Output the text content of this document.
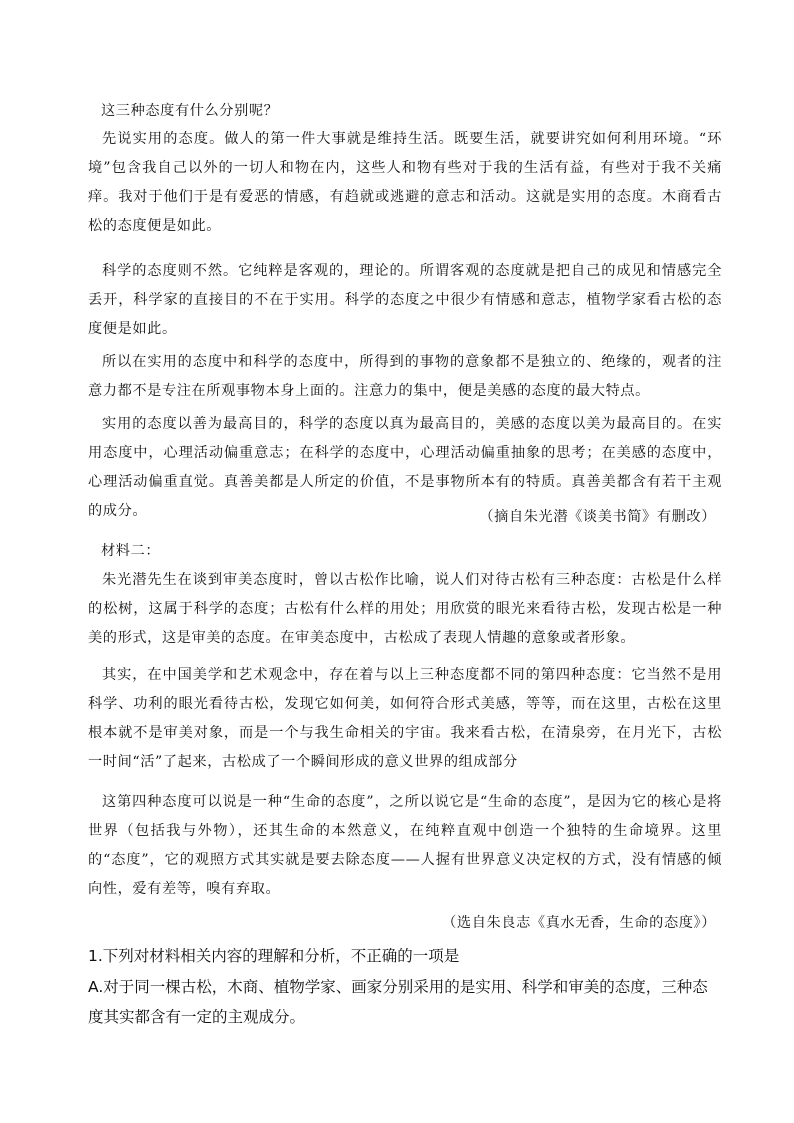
这三种态度有什么分别呢？

先说实用的态度。做人的第一件大事就是维持生活。既要生活，就要讲究如何利用环境。“环境”包含我自己以外的一切人和物在内，这些人和物有些对于我的生活有益，有些对于我不关痛痒。我对于他们于是有爱恶的情感，有趋就或逃避的意志和活动。这就是实用的态度。木商看古松的态度便是如此。

科学的态度则不然。它纯粹是客观的，理论的。所谓客观的态度就是把自己的成见和情感完全丢开，科学家的直接目的不在于实用。科学的态度之中很少有情感和意志，植物学家看古松的态度便是如此。

所以在实用的态度中和科学的态度中，所得到的事物的意象都不是独立的、绝缘的，观者的注意力都不是专注在所观事物本身上面的。注意力的集中，便是美感的态度的最大特点。

实用的态度以善为最高目的，科学的态度以真为最高目的，美感的态度以美为最高目的。在实用态度中，心理活动偏重意志；在科学的态度中，心理活动偏重抽象的思考；在美感的态度中，心理活动偏重直觉。真善美都是人所定的价值，不是事物所本有的特质。真善美都含有若干主观的成分。	（摘自朱光潜《谈美书简》有删改）

材料二：

朱光潜先生在谈到审美态度时，曾以古松作比喻，说人们对待古松有三种态度：古松是什么样的松树，这属于科学的态度；古松有什么样的用处；用欣赏的眼光来看待古松，发现古松是一种美的形式，这是审美的态度。在审美态度中，古松成了表现人情趣的意象或者形象。

其实，在中国美学和艺术观念中，存在着与以上三种态度都不同的第四种态度：它当然不是用科学、功利的眼光看待古松，发现它如何美，如何符合形式美感，等等，而在这里，古松在这里根本就不是审美对象，而是一个与我生命相关的宇宙。我来看古松，在清泉旁，在月光下，古松一时间“活”了起来，古松成了一个瞬间形成的意义世界的组成部分

这第四种态度可以说是一种“生命的态度”，之所以说它是“生命的态度”，是因为它的核心是将世界（包括我与外物），还其生命的本然意义，在纯粹直观中创造一个独特的生命境界。这里的“态度”，它的观照方式其实就是要去除态度——人握有世界意义决定权的方式，没有情感的倾向性，爱有差等，嗅有弃取。

（选自朱良志《真水无香，生命的态度》）

1.下列对材料相关内容的理解和分析，不正确的一项是

A.对于同一棵古松，木商、植物学家、画家分别采用的是实用、科学和审美的态度，三种态度其实都含有一定的主观成分。
